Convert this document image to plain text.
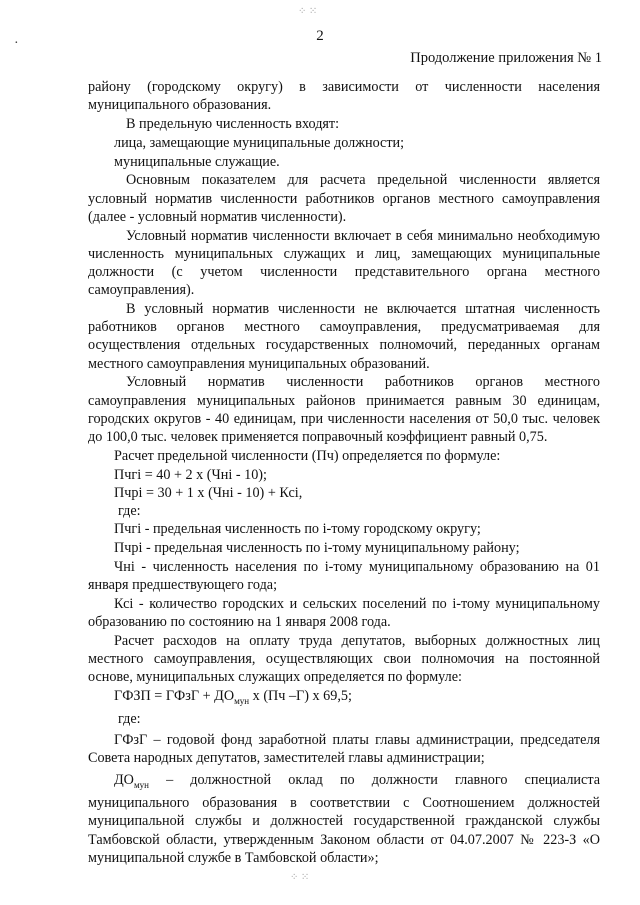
⁘ ⁙
·	2
Продолжение приложения № 1

району (городскому округу) в зависимости от численности населения муниципального образования.

В предельную численность входят:

лица, замещающие муниципальные должности;

муниципальные служащие.

Основным показателем для расчета предельной численности является условный норматив численности работников органов местного самоуправления (далее - условный норматив численности).

Условный норматив численности включает в себя минимально необходимую численность муниципальных служащих и лиц, замещающих муниципальные должности (с учетом численности представительного органа местного самоуправления).

В условный норматив численности не включается штатная численность работников органов местного самоуправления, предусматриваемая для осуществления отдельных государственных полномочий, переданных органам местного самоуправления муниципальных образований.

Условный норматив численности работников органов местного самоуправления муниципальных районов принимается равным 30 единицам, городских округов - 40 единицам, при численности населения от 50,0 тыс. человек до 100,0 тыс. человек применяется поправочный коэффициент равный 0,75.

Расчет предельной численности (Пч) определяется по формуле:

Пчгi = 40 + 2 х (Чнi - 10);

Пчрi = 30 + 1 х (Чнi - 10) + Ксi,

где:

Пчгi - предельная численность по i-тому городскому округу;

Пчрi - предельная численность по i-тому муниципальному району;

Чнi - численность населения по i-тому муниципальному образованию на 01 января предшествующего года;

Ксi - количество городских и сельских поселений по i-тому муниципальному образованию по состоянию на 1 января 2008 года.

Расчет расходов на оплату труда депутатов, выборных должностных лиц местного самоуправления, осуществляющих свои полномочия на постоянной основе, муниципальных служащих определяется по формуле:

ГФЗП = ГФзГ + $ДО_{мун}$ х (Пч –Г) х 69,5;

где:

ГФзГ – годовой фонд заработной платы главы администрации, председателя Совета народных депутатов, заместителей главы администрации;

$ДО_{мун}$ – должностной оклад по должности главного специалиста муниципального образования в соответствии с Соотношением должностей муниципальной службы и должностей государственной гражданской службы Тамбовской области, утвержденным Законом области от 04.07.2007 № 223-З «О муниципальной службе в Тамбовской области»;

⁘ ⁙
